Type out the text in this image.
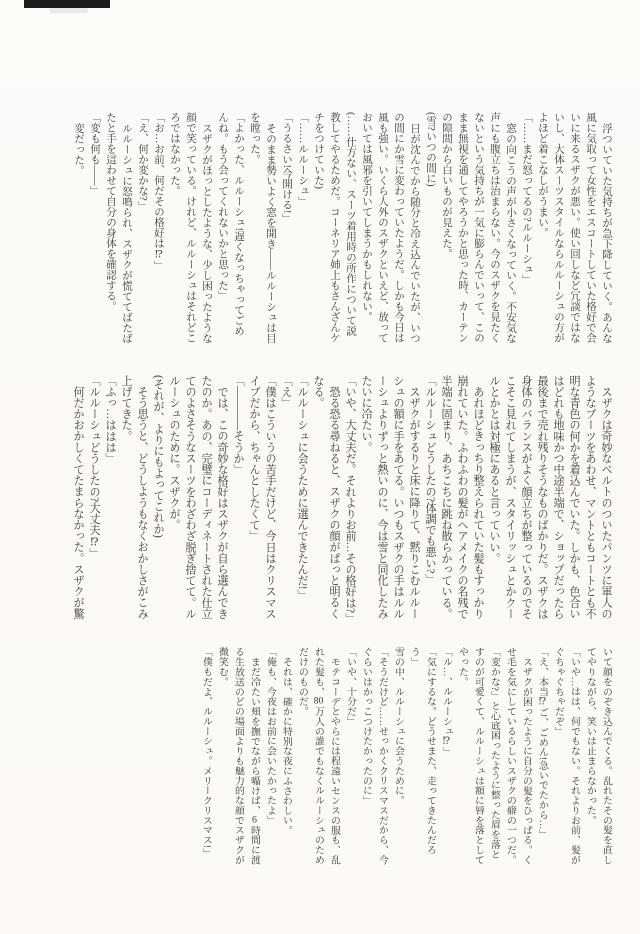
浮ついていた気持ちが急下降していく。あんな風に気取って女性をエスコートしていた格好で会いに来るスザクが悪い。使い回しなど冗談ではないし、大体スーツスタイルならルルーシュの方がよほど着こなしがうまい。

「……まだ怒ってるの?ルルーシュ」

窓の向こうの声が小さくなっていく。不安気な声にも腹立ちは治まらない。今のスザクを見たくないという気持ちが一気に膨らんでいって、このまま無視を通してやろうかと思った時、カーテンの隙間から白いものが見えた。

(雪?いつの間に)

日が沈んでから随分と冷え込んでいたが、いつの間にか雪に変わっていたようだ。しかも今日は風も強い。いくら人外のスザクといえど、放っておいては風邪を引いてしまうかもしれない。

(……仕方ない、スーツ着用時の所作について説教してやるためだ。コーネリア姉上もさんざんケチをつけていた)

「……ルルーシュ」

「うるさい!今開ける!」

そのまま勢いよく窓を開き――ルルーシュは目を瞠った。

「よかった、ルルーシュ!遅くなっちゃってごめんね。もう会ってくれないかと思った」

スザクがほっとしたような、少し困ったような顔で笑っている。けれど、ルルーシュはそれどころではなかった。

「お…お前、何だその格好は⁉」

「え、何か変かな?」

ルルーシュに怒鳴られ、スザクが慌ててばたばたと手を這わせて自分の身体を確認する。

「変も何も――」

変だった。

スザクは奇妙なベルトのついたパンツに軍人のようなブーツをあわせ、マントともコートとも不明な青色の何かを着込んでいた。しかも、色合いはどれも地味かつ中途半端で、ショップだったら最後まで売れ残りそうなものばかりだ。スザクは身体のバランスがよく顔立ちが整っているのでそこそこ見れてしまうが、スタイリッシュとかクールとかとは対極にあると言っていい。

あれほどきっちり整えられていた髪もすっかり崩れていた。ふわふわの髪がヘアメイクの名残で半端に固まり、あちこちに跳ね散らかっている。

「ルルーシュどうしたの?体調でも悪い?」

スザクがするりと床に降りて、黙りこむルルーシュの額に手をあてる。いつもスザクの手はルルーシュよりずっと熱いのに、今は雪と同化したみたいに冷たい。

「いや、大丈夫だ。それよりお前…その格好は?」

恐る恐る尋ねると、スザクの顔がぱっと明るくなる。

「ルルーシュに会うために選んできたんだ!」

「え」

「僕はこういうの苦手だけど、今日はクリスマスイブだから、ちゃんとしたくて」

「――――そうか」

では、この奇妙な格好はスザクが自ら選んできたのか。あの、完璧にコーディネートされた仕立てのよさそうなスーツをわざわざ脱ぎ捨てて。ルルーシュのために。スザクが。

(それが、よりにもよってこれか)

そう思うと、どうしようもなくおかしさがこみ上げてきた。

「ふっ…ははは」

「ルルーシュどうしたの?大丈夫⁉」

何だかおかしくてたまらなかった。スザクが驚

いて顔をのぞき込んでくる。乱れたその髪を直してやりながら、笑いは止まらなかった。

「いや…はは、何でもない。それよりお前、髪がぐちゃぐちゃだぞ」

「え、本当⁉ご、ごめん!急いでたから…」

スザクが困ったように自分の髪をひっぱる。くせ毛を気にしているらしいスザクの癖の一つだ。「変かな?」と心底困ったように整った眉を落とすのが可愛くて、ルルーシュは額に唇を落としてやった。

「ル…、ルルーシュ⁉」

「気にするな。どうせまた、走ってきたんだろう」

雪の中、ルルーシュに会うために。

「そうだけど……せっかくクリスマスだから、今ぐらいはかっこつけたかったのに」

「いや、十分だ」

モテコーデとやらには程遠いセンスの服も、乱れた髪も、80万人の誰でもなくルルーシュのためだけのものだ。

それは、確かに特別な夜にふさわしい。

「俺も、今夜はお前に会いたかったよ」

まだ冷たい頬を撫でながら囁けば、6時間に渡る生放送のどの場面よりも魅力的な顔でスザクが微笑む。

「僕もだよ、ルルーシュ。メリークリスマス!」
